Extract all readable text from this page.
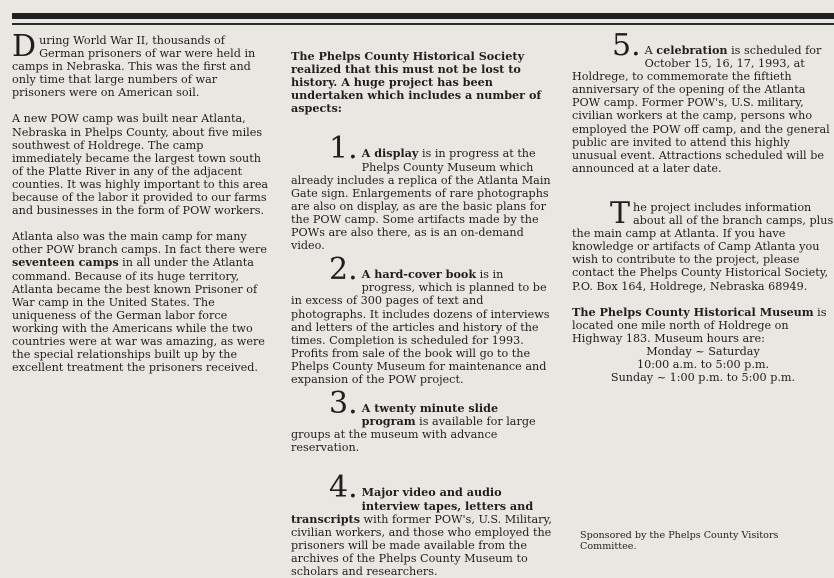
During World War II, thousands of German prisoners of war were held in camps in Nebraska. This was the first and only time that large numbers of war prisoners were on American soil.

A new POW camp was built near Atlanta, Nebraska in Phelps County, about five miles southwest of Holdrege. The camp immediately became the largest town south of the Platte River in any of the adjacent counties. It was highly important to this area because of the labor it provided to our farms and businesses in the form of POW workers.

Atlanta also was the main camp for many other POW branch camps. In fact there were seventeen camps in all under the Atlanta command. Because of its huge territory, Atlanta became the best known Prisoner of War camp in the United States. The uniqueness of the German labor force working with the Americans while the two countries were at war was amazing, as were the special relationships built up by the excellent treatment the prisoners received.

The Phelps County Historical Society realized that this must not be lost to history. A huge project has been undertaken which includes a number of aspects:

1. A display is in progress at the Phelps County Museum which already includes a replica of the Atlanta Main Gate sign. Enlargements of rare photographs are also on display, as are the basic plans for the POW camp. Some artifacts made by the POWs are also there, as is an on-demand video.

2. A hard-cover book is in progress, which is planned to be in excess of 300 pages of text and photographs. It includes dozens of interviews and letters of the articles and history of the times. Completion is scheduled for 1993. Profits from sale of the book will go to the Phelps County Museum for maintenance and expansion of the POW project.

3. A twenty minute slide program is available for large groups at the museum with advance reservation.

4. Major video and audio interview tapes, letters and transcripts with former POW's, U.S. Military, civilian workers, and those who employed the prisoners will be made available from the archives of the Phelps County Museum to scholars and researchers.

5. A celebration is scheduled for October 15, 16, 17, 1993, at Holdrege, to commemorate the fiftieth anniversary of the opening of the Atlanta POW camp. Former POW's, U.S. military, civilian workers at the camp, persons who employed the POW off camp, and the general public are invited to attend this highly unusual event. Attractions scheduled will be announced at a later date.

The project includes information about all of the branch camps, plus the main camp at Atlanta. If you have knowledge or artifacts of Camp Atlanta you wish to contribute to the project, please contact the Phelps County Historical Society, P.O. Box 164, Holdrege, Nebraska 68949.

The Phelps County Historical Museum is located one mile north of Holdrege on Highway 183. Museum hours are:

Monday ~ Saturday

10:00 a.m. to 5:00 p.m.

Sunday ~ 1:00 p.m. to 5:00 p.m.

Sponsored by the Phelps County Visitors Committee.
